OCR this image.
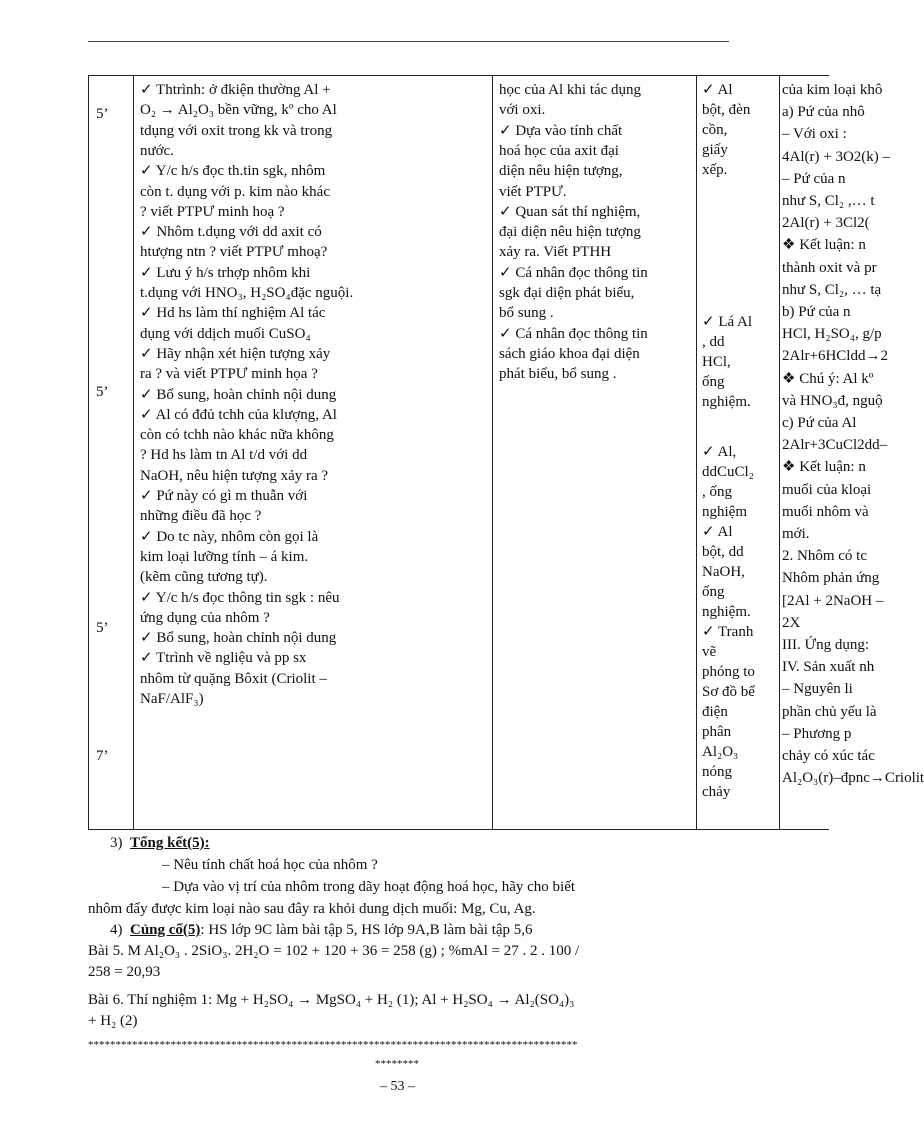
5’
5’
5’
7’
✓ Thtrình: ở đkiện thường Al +
O₂ → Al₂O₃ bền vững, kº cho Al
tdụng với oxit trong kk và trong
nước.
✓ Y/c h/s đọc th.tin sgk, nhôm
còn t. dụng với p. kim nào khác
? viết PTPƯ minh hoạ ?
✓ Nhôm t.dụng với dd axit có
htượng ntn ? viết PTPƯ mhoạ?
✓ Lưu ý h/s trhợp nhôm khi
t.dụng với HNO₃, H₂SO₄đặc nguội.
✓ Hd hs làm thí nghiệm Al tác
dụng với ddịch muối CuSO₄
✓ Hãy nhận xét hiện tượng xảy
ra ? và viết PTPƯ minh họa ?
✓ Bổ sung, hoàn chỉnh nội dung
✓ Al có đđủ tchh của klượng, Al
còn có tchh nào khác nữa không
? Hd hs làm tn Al t/d với dd
NaOH, nêu hiện tượng xảy ra ?
✓ Pứ này có gì m thuẫn với
những điều đã học ?
✓ Do tc này, nhôm còn gọi là
kim loại lưỡng tính – á kim.
(kẽm cũng tương tự).
✓ Y/c h/s đọc thông tin sgk : nêu
ứng dụng của nhôm ?
✓ Bổ sung, hoàn chỉnh nội dung
✓ Ttrình về ngliệu và pp sx
nhôm từ quặng Bôxit (Criolit –
NaF/AlF₃)
học của Al khi tác dụng
với oxi.
✓ Dựa vào tính chất
hoá học của axit đại
diện nêu hiện tượng,
viết PTPƯ.
✓ Quan sát thí nghiệm,
đại diện nêu hiện tượng
xảy ra. Viết PTHH
✓ Cá nhân đọc thông tin
sgk đại diện phát biểu,
bổ sung .
✓ Cá nhân đọc thông tin
sách giáo khoa đại diện
phát biểu, bổ sung .
✓ Al
bột, đèn
cồn,
giấy
xếp.
✓ Lá Al
, dd
HCl,
ống
nghiệm.
✓ Al,
ddCuCl₂
, ống
nghiệm
✓ Al
bột, dd
NaOH,
ống
nghiệm.
✓ Tranh
vẽ
phóng to
Sơ đồ bể
điện
phân
Al₂O₃
nóng
chảy
của kim loại khô
a) Pứ của nhô
– Với oxi :
4Al(r) + 3O2(k) –
– Pứ của n
như S, Cl₂ ,… t
2Al(r) + 3Cl2(
❖ Kết luận: n
thành oxit và pr
như S, Cl₂, … tạ
b) Pứ của n
HCl, H₂SO₄, g/p
2Alr+6HCldd→2
❖ Chú ý: Al kº
và HNO₃đ, nguộ
c) Pứ của Al
2Alr+3CuCl2dd–
❖ Kết luận: n
muối của kloại
muối nhôm và
mới.
2. Nhôm có tc
Nhôm phản ứng
[2Al + 2NaOH –
2X
III. Ứng dụng:
IV. Sản xuất nh
– Nguyên li
phần chủ yếu là
– Phương p
chảy có xúc tác
Al₂O₃(r)–đpnc→Criolit
3) Tổng kết(5):
– Nêu tính chất hoá học của nhôm ?
– Dựa vào vị trí của nhôm trong dãy hoạt động hoá học, hãy cho biết
nhôm đẩy được kim loại nào sau đây ra khỏi dung dịch muối: Mg, Cu, Ag.
4) Củng cố(5): HS lớp 9C làm bài tập 5, HS lớp 9A,B làm bài tập 5,6
Bài 5. M Al₂O₃ . 2SiO₃. 2H₂O = 102 + 120 + 36 = 258 (g) ; %mAl = 27 . 2 . 100 /
258 = 20,93
Bài 6. Thí nghiệm 1: Mg + H₂SO₄ → MgSO₄ + H₂ (1); Al + H₂SO₄ → Al₂(SO₄)₃
+ H₂ (2)
*****************************************************************************************
********
– 53 –
